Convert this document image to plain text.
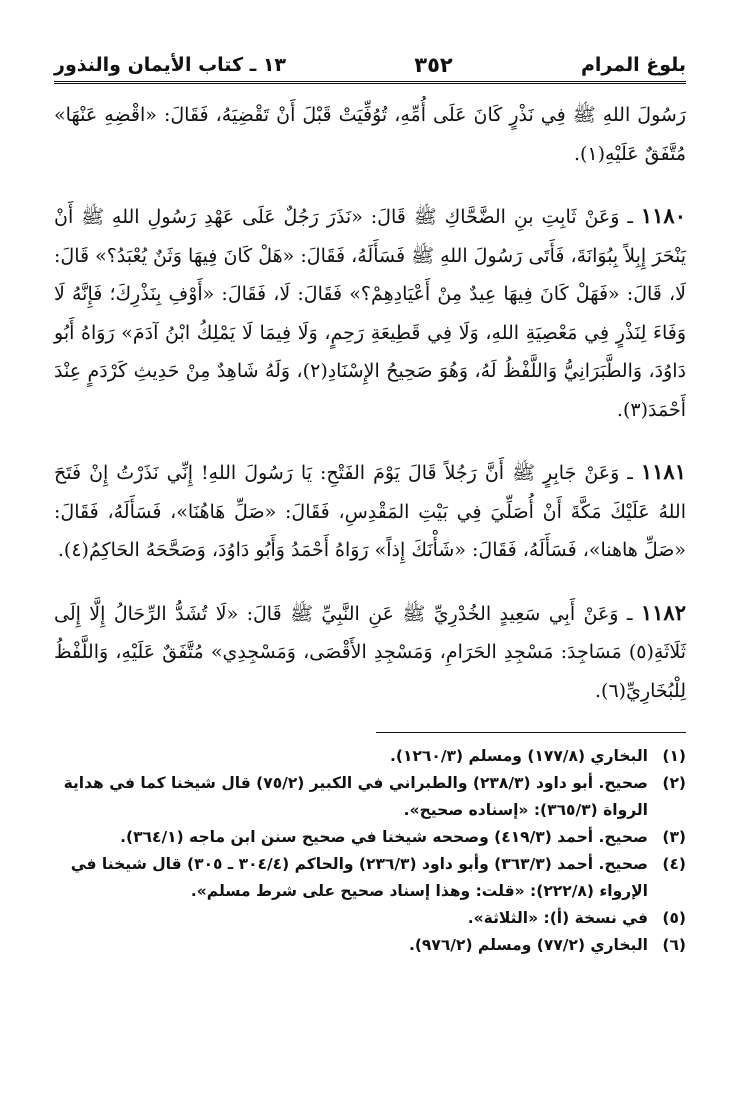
بلوغ المرام
٣٥٢
١٣ ـ كتاب الأيمان والنذور

رَسُولَ اللهِ ﷺ فِي نَذْرٍ كَانَ عَلَى أُمِّهِ، تُوُفِّيَتْ قَبْلَ أَنْ تَقْضِيَهُ، فَقَالَ: «اقْضِهِ عَنْهَا» مُتَّفَقٌ عَلَيْهِ(١).

١١٨٠ ـ وَعَنْ ثَابِتِ بنِ الضَّحَّاكِ ﷺ قَالَ: «نَذَرَ رَجُلٌ عَلَى عَهْدِ رَسُولِ اللهِ ﷺ أَنْ يَنْحَرَ إِبِلاً بِبُوَانَةَ، فَأَتَى رَسُولَ اللهِ ﷺ فَسَأَلَهُ، فَقَالَ: «هَلْ كَانَ فِيهَا وَثَنٌ يُعْبَدُ؟» قَالَ: لَا، قَالَ: «فَهَلْ كَانَ فِيهَا عِيدٌ مِنْ أَعْيَادِهِمْ؟» فَقَالَ: لَا، فَقَالَ: «أَوْفِ بِنَذْرِكَ؛ فَإِنَّهُ لَا وَفَاءَ لِنَذْرٍ فِي مَعْصِيَةِ اللهِ، وَلَا فِي قَطِيعَةِ رَحِمٍ، وَلَا فِيمَا لَا يَمْلِكُ ابْنُ آدَمَ» رَوَاهُ أَبُو دَاوُدَ، وَالطَّبَرَانِيُّ وَاللَّفْظُ لَهُ، وَهُوَ صَحِيحُ الإِسْنَادِ(٢)، وَلَهُ شَاهِدٌ مِنْ حَدِيثِ كَرْدَمٍ عِنْدَ أَحْمَدَ(٣).

١١٨١ ـ وَعَنْ جَابِرٍ ﷺ أَنَّ رَجُلاً قَالَ يَوْمَ الفَتْحِ: يَا رَسُولَ اللهِ! إِنِّي نَذَرْتُ إِنْ فَتَحَ اللهُ عَلَيْكَ مَكَّةَ أَنْ أُصَلِّيَ فِي بَيْتِ المَقْدِسِ، فَقَالَ: «صَلِّ هَاهُنَا»، فَسَأَلَهُ، فَقَالَ: «صَلِّ هاهنا»، فَسَأَلَهُ، فَقَالَ: «شَأْنَكَ إِذاً» رَوَاهُ أَحْمَدُ وَأَبُو دَاوُدَ، وَصَحَّحَهُ الحَاكِمُ(٤).

١١٨٢ ـ وَعَنْ أَبِي سَعِيدٍ الخُدْرِيِّ ﷺ عَنِ النَّبِيِّ ﷺ قَالَ: «لَا تُشَدُّ الرِّحَالُ إِلَّا إِلَى ثَلَاثَةِ(٥) مَسَاجِدَ: مَسْجِدِ الحَرَامِ، وَمَسْجِدِ الأَقْصَى، وَمَسْجِدِي» مُتَّفَقٌ عَلَيْهِ، وَاللَّفْظُ لِلْبُخَارِيِّ(٦).

(١)
البخاري (١٧٧/٨) ومسلم (١٢٦٠/٣).
(٢)
صحيح. أبو داود (٢٣٨/٣) والطبراني في الكبير (٧٥/٢) قال شيخنا كما في هداية الرواة (٣٦٥/٣): «إسناده صحيح».
(٣)
صحيح. أحمد (٤١٩/٣) وصححه شيخنا في صحيح سنن ابن ماجه (٣٦٤/١).
(٤)
صحيح. أحمد (٣٦٣/٣) وأبو داود (٢٣٦/٣) والحاكم (٣٠٤/٤ ـ ٣٠٥) قال شيخنا في الإرواء (٢٢٢/٨): «قلت: وهذا إسناد صحيح على شرط مسلم».
(٥)
في نسخة (أ): «الثلاثة».
(٦)
البخاري (٧٧/٢) ومسلم (٩٧٦/٢).
